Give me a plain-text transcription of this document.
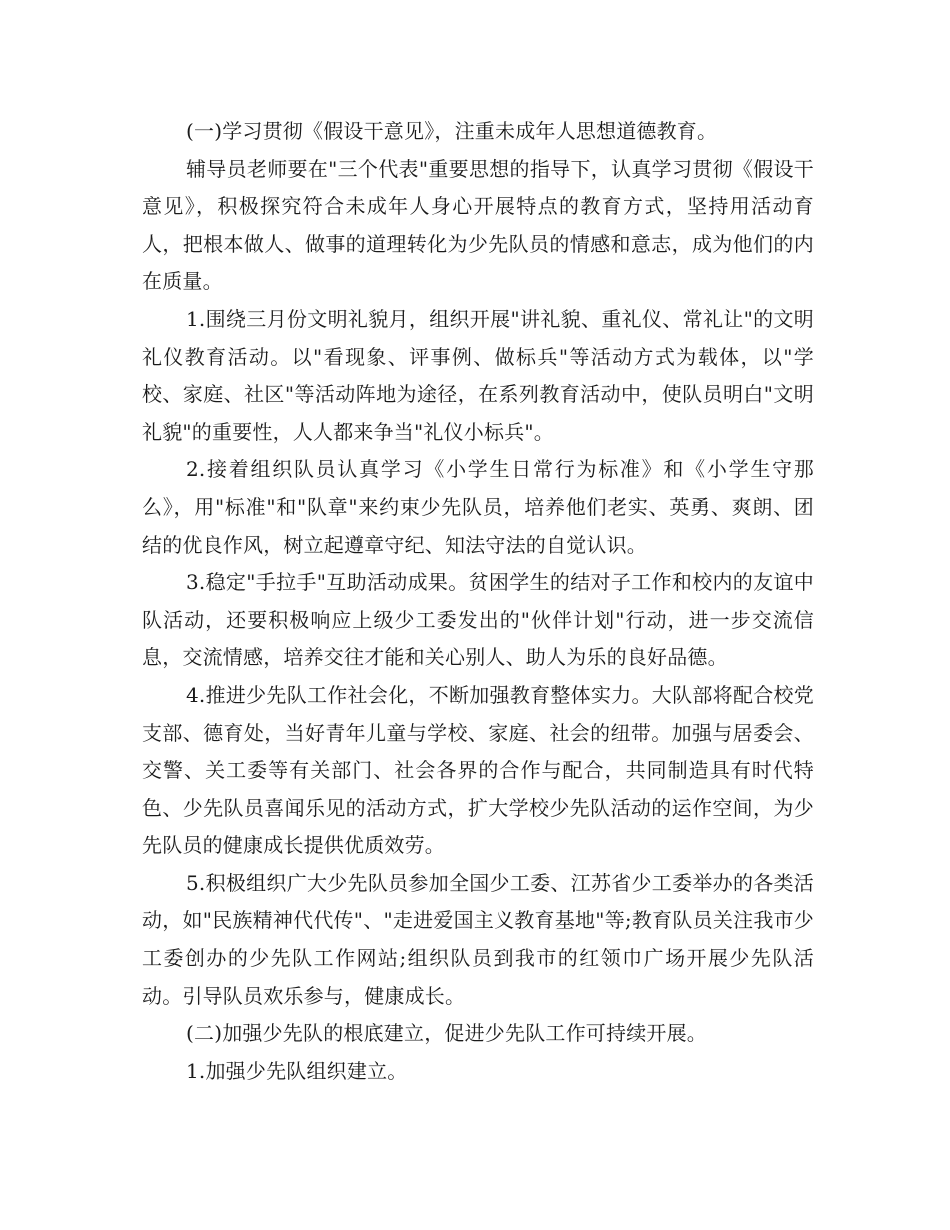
(一)学习贯彻《假设干意见》，注重未成年人思想道德教育。

辅导员老师要在"三个代表"重要思想的指导下，认真学习贯彻《假设干意见》，积极探究符合未成年人身心开展特点的教育方式，坚持用活动育人，把根本做人、做事的道理转化为少先队员的情感和意志，成为他们的内在质量。

1.围绕三月份文明礼貌月，组织开展"讲礼貌、重礼仪、常礼让"的文明礼仪教育活动。以"看现象、评事例、做标兵"等活动方式为载体，以"学校、家庭、社区"等活动阵地为途径，在系列教育活动中，使队员明白"文明礼貌"的重要性，人人都来争当"礼仪小标兵"。

2.接着组织队员认真学习《小学生日常行为标准》和《小学生守那么》，用"标准"和"队章"来约束少先队员，培养他们老实、英勇、爽朗、团结的优良作风，树立起遵章守纪、知法守法的自觉认识。

3.稳定"手拉手"互助活动成果。贫困学生的结对子工作和校内的友谊中队活动，还要积极响应上级少工委发出的"伙伴计划"行动，进一步交流信息，交流情感，培养交往才能和关心别人、助人为乐的良好品德。

4.推进少先队工作社会化，不断加强教育整体实力。大队部将配合校党支部、德育处，当好青年儿童与学校、家庭、社会的纽带。加强与居委会、交警、关工委等有关部门、社会各界的合作与配合，共同制造具有时代特色、少先队员喜闻乐见的活动方式，扩大学校少先队活动的运作空间，为少先队员的健康成长提供优质效劳。

5.积极组织广大少先队员参加全国少工委、江苏省少工委举办的各类活动，如"民族精神代代传"、"走进爱国主义教育基地"等;教育队员关注我市少工委创办的少先队工作网站;组织队员到我市的红领巾广场开展少先队活动。引导队员欢乐参与，健康成长。

(二)加强少先队的根底建立，促进少先队工作可持续开展。

1.加强少先队组织建立。
